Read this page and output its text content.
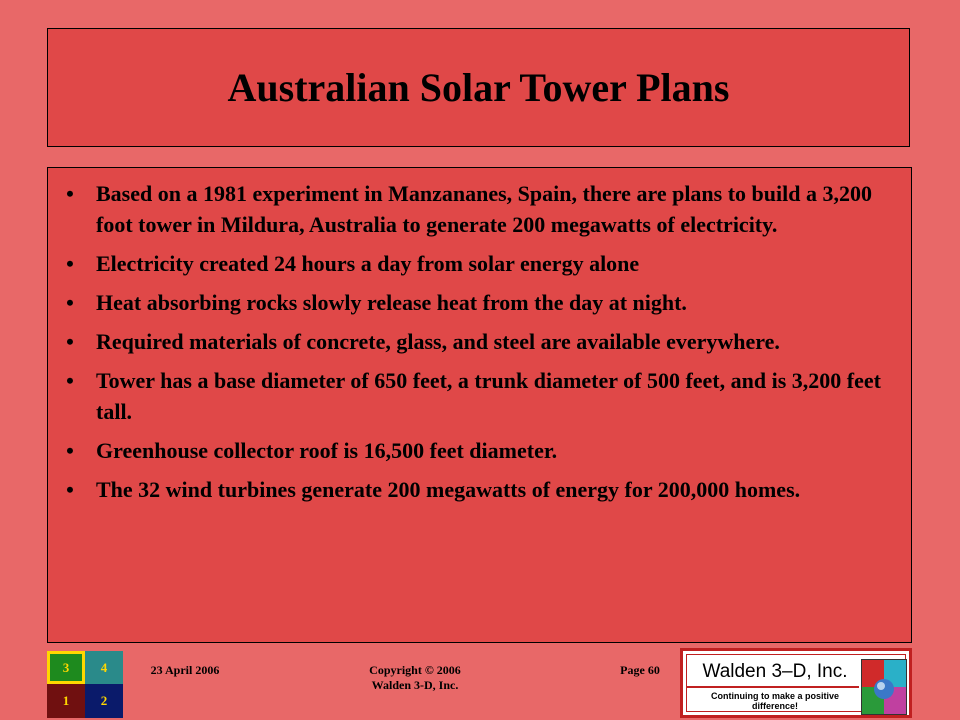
Australian Solar Tower Plans
• Based on a 1981 experiment in Manzananes, Spain, there are plans to build a 3,200 foot tower in Mildura, Australia to generate 200 megawatts of electricity.
• Electricity created 24 hours a day from solar energy alone
• Heat absorbing rocks slowly release heat from the day at night.
• Required materials of concrete, glass, and steel are available everywhere.
• Tower has a base diameter of 650 feet, a trunk diameter of 500 feet, and is 3,200 feet tall.
• Greenhouse collector roof is 16,500 feet diameter.
• The 32 wind turbines generate 200 megawatts of energy for 200,000 homes.
3	4
1	2
23 April 2006	Copyright © 2006
Walden 3-D, Inc.
Page 60	Walden 3–D, Inc.
Continuing to make a positive difference!
